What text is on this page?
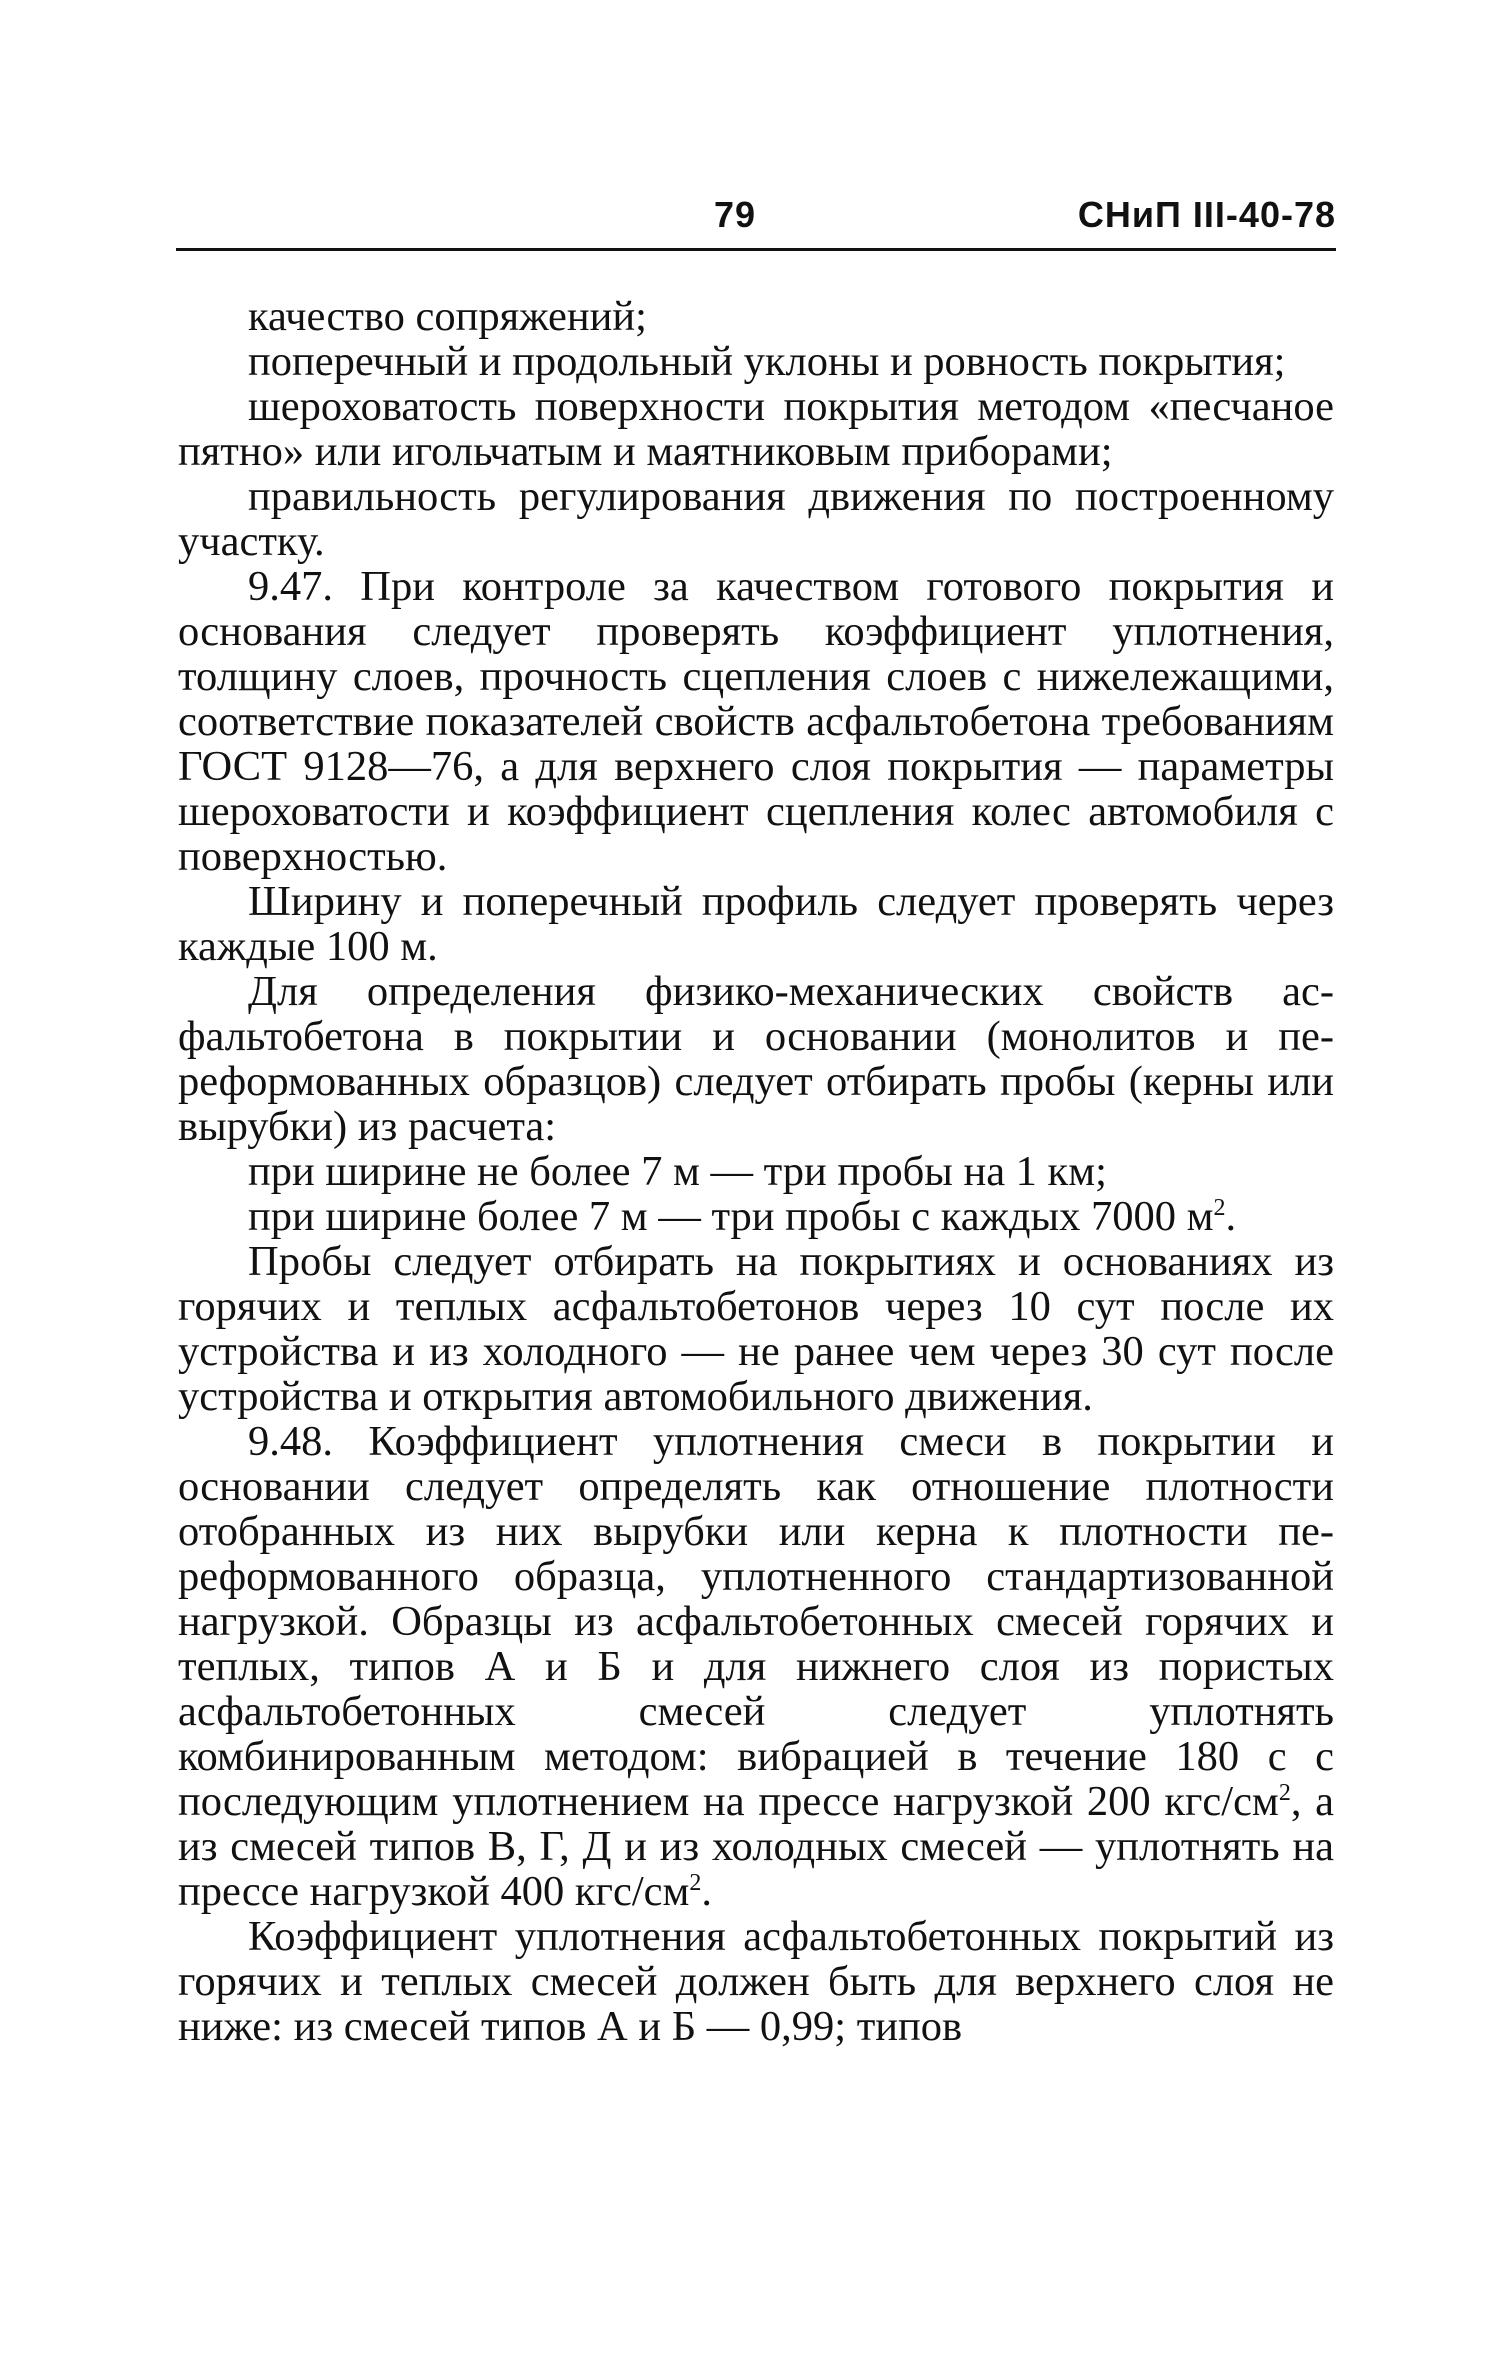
79	СНиП III-40-78

качество сопряжений;

поперечный и продольный уклоны и ровность покрытия;

шероховатость поверхности покрытия методом «песчаное пятно» или игольчатым и маятниковым приборами;

правильность регулирования движения по построенному участку.

9.47. При контроле за качеством готового покрытия и основания следует проверять коэффициент уплотнения, толщину слоев, прочность сцепления слоев с нижележащими, соответствие показателей свойств асфальтобетона требованиям ГОСТ 9128—76, а для верхнего слоя покрытия — параметры шероховатости и коэффициент сцепления колес автомобиля с поверхностью.

Ширину и поперечный профиль следует проверять через каждые 100 м.

Для определения физико-механических свойств асфальтобетона в покрытии и основании (монолитов и переформованных образцов) следует отбирать пробы (керны или вырубки) из расчета:

при ширине не более 7 м — три пробы на 1 км;

при ширине более 7 м — три пробы с каждых 7000 $м^2$.

Пробы следует отбирать на покрытиях и основаниях из горячих и теплых асфальтобетонов через 10 сут после их устройства и из холодного — не ранее чем через 30 сут после устройства и открытия автомобильного движения.

9.48. Коэффициент уплотнения смеси в покрытии и основании следует определять как отношение плотности отобранных из них вырубки или керна к плотности переформованного образца, уплотненного стандартизованной нагрузкой. Образцы из асфальтобетонных смесей горячих и теплых, типов А и Б и для нижнего слоя из пористых асфальтобетонных смесей следует уплотнять комбинированным методом: вибрацией в течение 180 с с последующим уплотнением на прессе нагрузкой 200 кгс/$см^2$, а из смесей типов В, Г, Д и из холодных смесей — уплотнять на прессе нагрузкой 400 кгс/$см^2$.

Коэффициент уплотнения асфальтобетонных покрытий из горячих и теплых смесей должен быть для верхнего слоя не ниже: из смесей типов А и Б — 0,99; типов
